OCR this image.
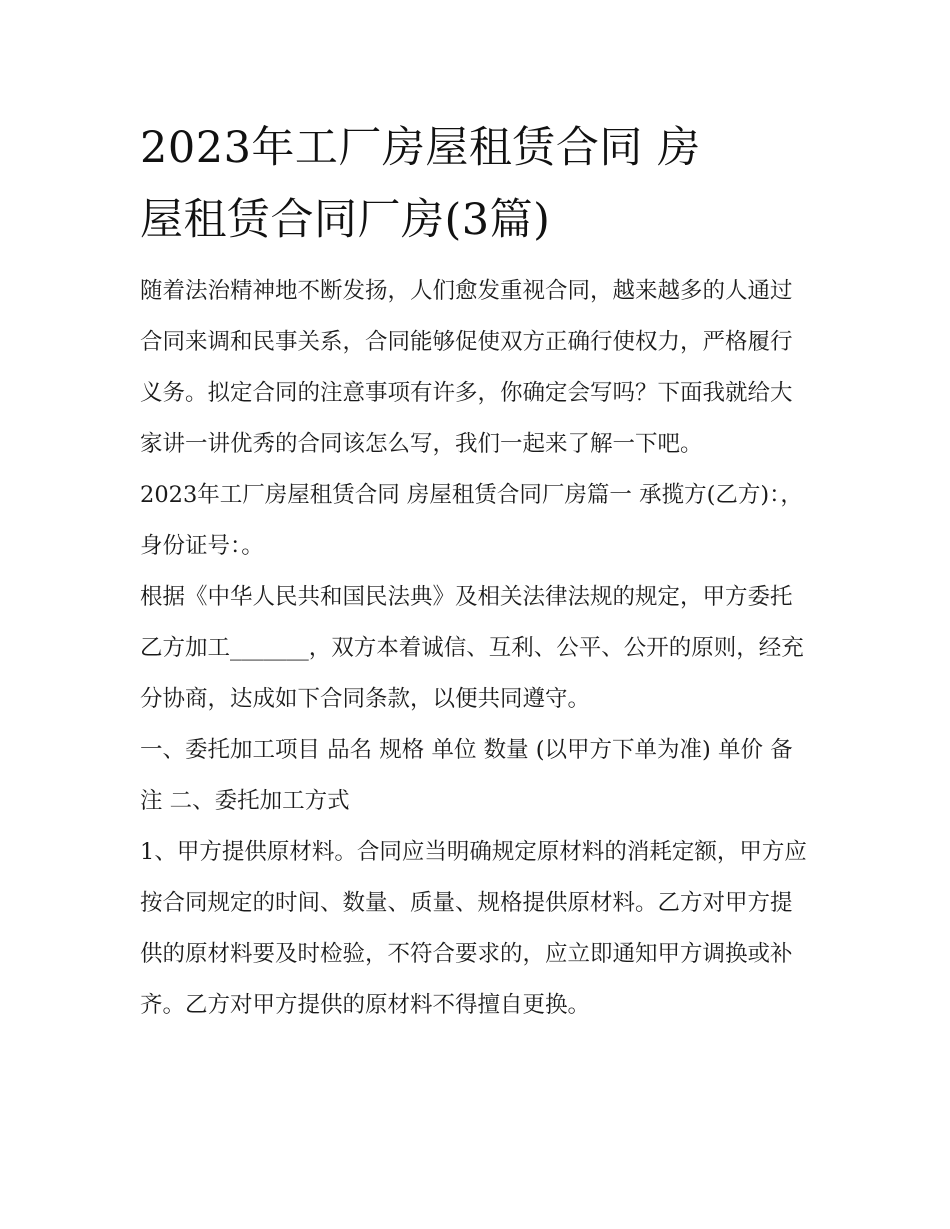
2023年工厂房屋租赁合同 房
屋租赁合同厂房(3篇)

随着法治精神地不断发扬，人们愈发重视合同，越来越多的人通过合同来调和民事关系，合同能够促使双方正确行使权力，严格履行义务。拟定合同的注意事项有许多，你确定会写吗？下面我就给大家讲一讲优秀的合同该怎么写，我们一起来了解一下吧。

2023年工厂房屋租赁合同 房屋租赁合同厂房篇一 承揽方(乙方)：，身份证号：。

根据《中华人民共和国民法典》及相关法律法规的规定，甲方委托乙方加工_______，双方本着诚信、互利、公平、公开的原则，经充分协商，达成如下合同条款，以便共同遵守。

一、委托加工项目 品名 规格 单位 数量 (以甲方下单为准) 单价 备注 二、委托加工方式

1、甲方提供原材料。合同应当明确规定原材料的消耗定额，甲方应按合同规定的时间、数量、质量、规格提供原材料。乙方对甲方提供的原材料要及时检验，不符合要求的，应立即通知甲方调换或补齐。乙方对甲方提供的原材料不得擅自更换。
